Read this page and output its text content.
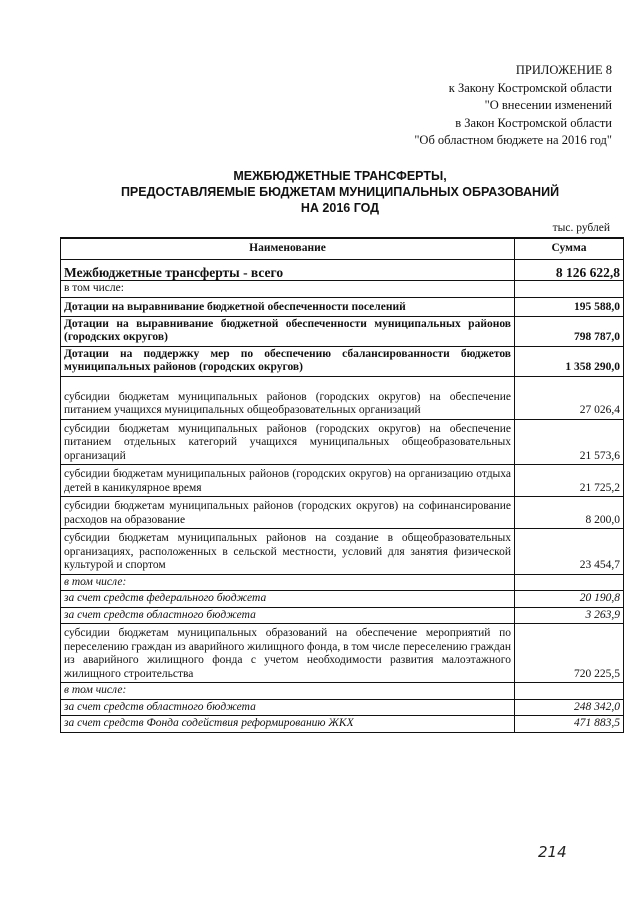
ПРИЛОЖЕНИЕ 8
к Закону Костромской области
"О внесении изменений
в Закон Костромской области
"Об областном бюджете на 2016 год"
МЕЖБЮДЖЕТНЫЕ ТРАНСФЕРТЫ,
ПРЕДОСТАВЛЯЕМЫЕ БЮДЖЕТАМ МУНИЦИПАЛЬНЫХ ОБРАЗОВАНИЙ
НА 2016 ГОД
тыс. рублей
Наименование	Сумма
Межбюджетные трансферты - всего	8 126 622,8
в том числе:	
Дотации на выравнивание бюджетной обеспеченности поселений	195 588,0
Дотации на выравнивание бюджетной обеспеченности муниципальных районов (городских округов)	798 787,0
Дотации на поддержку мер по обеспечению сбалансированности бюджетов муниципальных районов (городских округов)	1 358 290,0
субсидии бюджетам муниципальных районов (городских округов) на обеспечение питанием учащихся муниципальных общеобразовательных организаций	27 026,4
субсидии бюджетам муниципальных районов (городских округов) на обеспечение питанием отдельных категорий учащихся муниципальных общеобразовательных организаций	21 573,6
субсидии бюджетам муниципальных районов (городских округов) на организацию отдыха детей в каникулярное время	21 725,2
субсидии бюджетам муниципальных районов (городских округов) на софинансирование расходов на образование	8 200,0
субсидии бюджетам муниципальных районов на создание в общеобразовательных организациях, расположенных в сельской местности, условий для занятия физической культурой и спортом	23 454,7
в том числе:	
за счет средств федерального бюджета	20 190,8
за счет средств областного бюджета	3 263,9
субсидии бюджетам муниципальных образований на обеспечение мероприятий по переселению граждан из аварийного жилищного фонда, в том числе переселению граждан из аварийного жилищного фонда с учетом необходимости развития малоэтажного жилищного строительства	720 225,5
в том числе:	
за счет средств областного бюджета	248 342,0
за счет средств Фонда содействия реформированию ЖКХ	471 883,5
214
